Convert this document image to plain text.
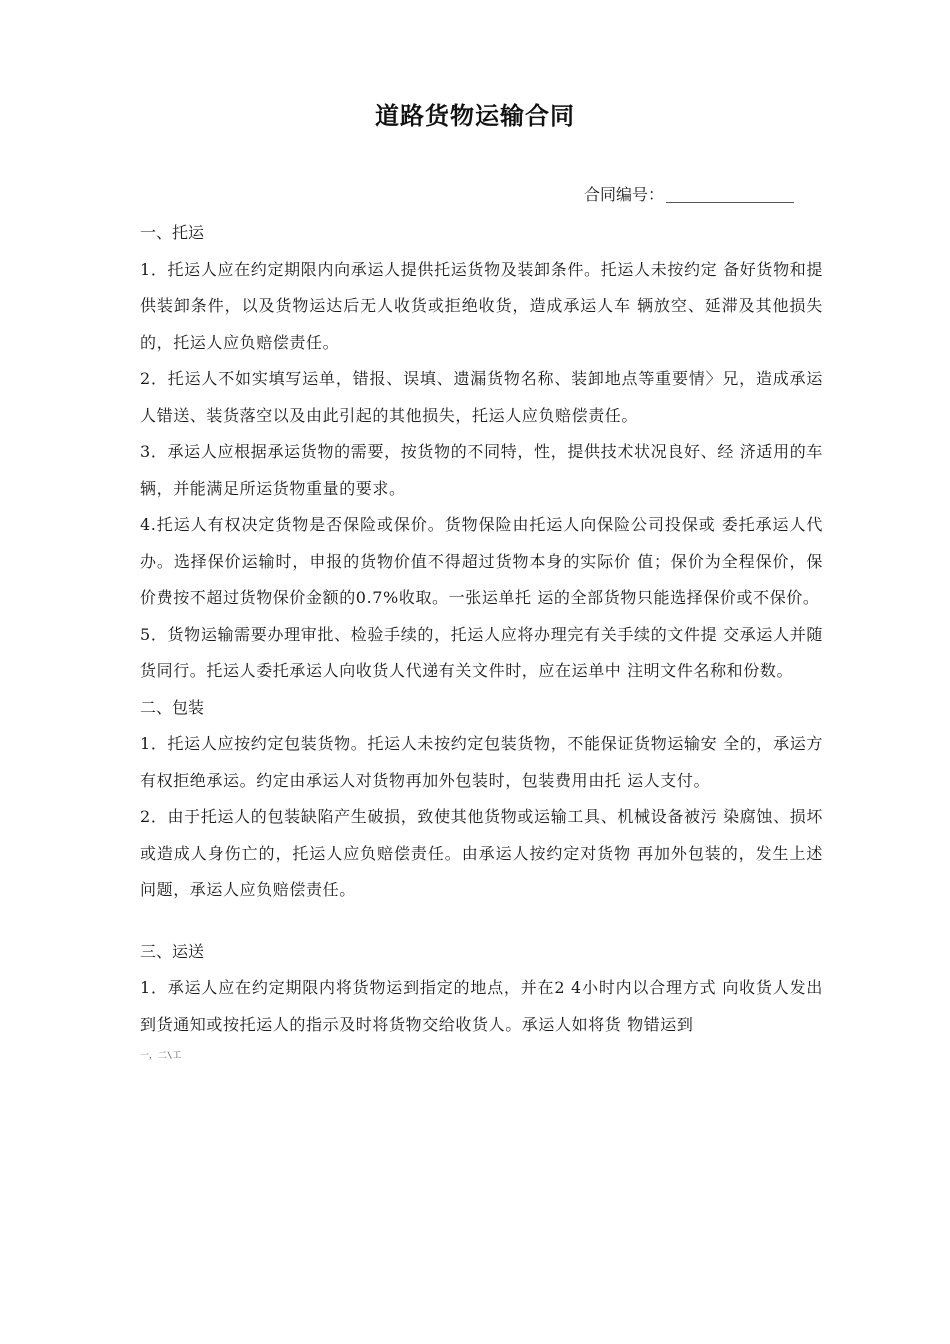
道路货物运输合同
合同编号：

一、托运

1．托运人应在约定期限内向承运人提供托运货物及装卸条件。托运人未按约定 备好货物和提供装卸条件，以及货物运达后无人收货或拒绝收货，造成承运人车 辆放空、延滞及其他损失的，托运人应负赔偿责任。

2．托运人不如实填写运单，错报、误填、遗漏货物名称、装卸地点等重要情〉兄，造成承运人错送、装货落空以及由此引起的其他损失，托运人应负赔偿责任。

3．承运人应根据承运货物的需要，按货物的不同特，性，提供技术状况良好、经 济适用的车辆，并能满足所运货物重量的要求。

4.托运人有权决定货物是否保险或保价。货物保险由托运人向保险公司投保或 委托承运人代办。选择保价运输时，申报的货物价值不得超过货物本身的实际价 值；保价为全程保价，保价费按不超过货物保价金额的0.7%收取。一张运单托 运的全部货物只能选择保价或不保价。

5．货物运输需要办理审批、检验手续的，托运人应将办理完有关手续的文件提 交承运人并随货同行。托运人委托承运人向收货人代递有关文件时，应在运单中 注明文件名称和份数。

二、包装

1．托运人应按约定包装货物。托运人未按约定包装货物，不能保证货物运输安 全的，承运方有权拒绝承运。约定由承运人对货物再加外包装时，包装费用由托 运人支付。

2．由于托运人的包装缺陷产生破损，致使其他货物或运输工具、机械设备被污 染腐蚀、损坏或造成人身伤亡的，托运人应负赔偿责任。由承运人按约定对货物 再加外包装的，发生上述问题，承运人应负赔偿责任。

三、运送

1．承运人应在约定期限内将货物运到指定的地点，并在2 4小时内以合理方式 向收货人发出到货通知或按托运人的指示及时将货物交给收货人。承运人如将货 物错运到

一，二\工
